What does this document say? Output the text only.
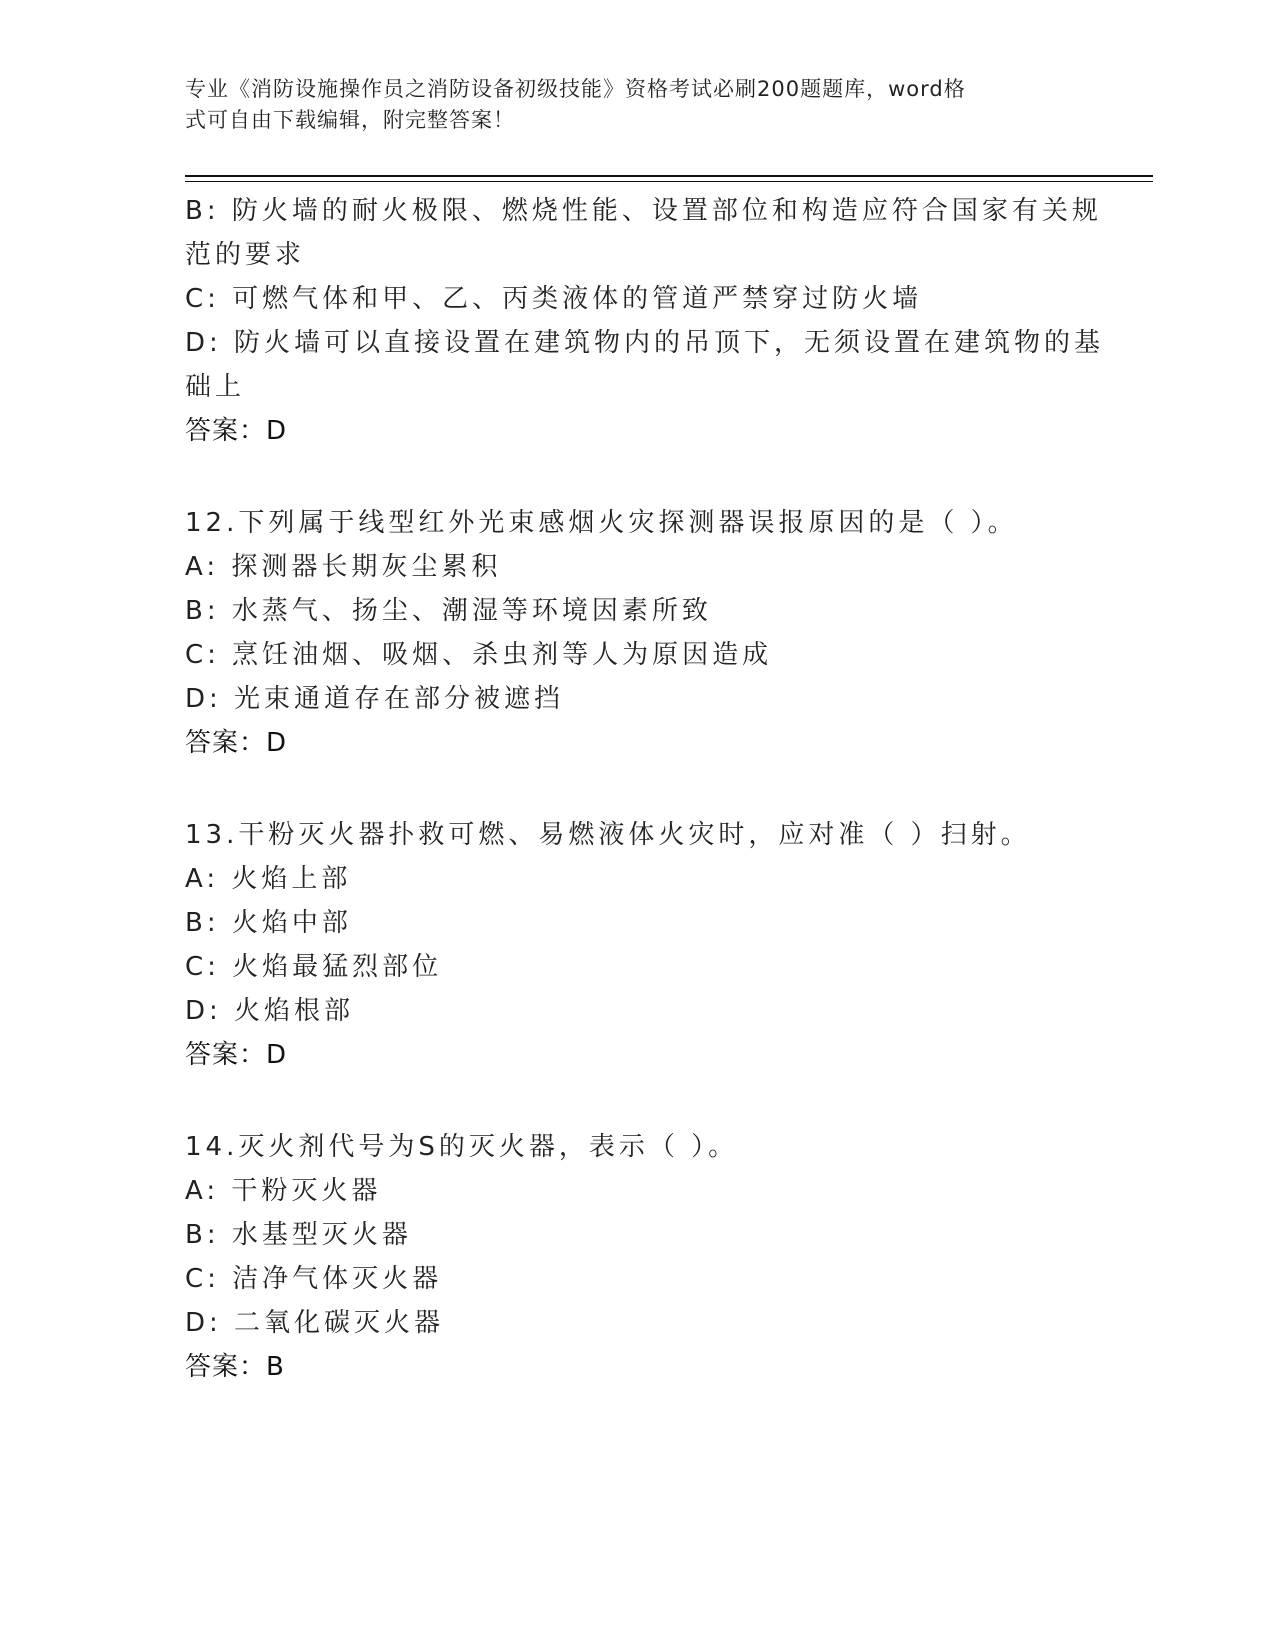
专业《消防设施操作员之消防设备初级技能》资格考试必刷200题题库，word格
式可自由下载编辑，附完整答案！
B: 防火墙的耐火极限、燃烧性能、设置部位和构造应符合国家有关规
范的要求
C: 可燃气体和甲、乙、丙类液体的管道严禁穿过防火墙
D: 防火墙可以直接设置在建筑物内的吊顶下，无须设置在建筑物的基
础上
答案：D
12.下列属于线型红外光束感烟火灾探测器误报原因的是（ ）。
A: 探测器长期灰尘累积
B: 水蒸气、扬尘、潮湿等环境因素所致
C: 烹饪油烟、吸烟、杀虫剂等人为原因造成
D: 光束通道存在部分被遮挡
答案：D
13.干粉灭火器扑救可燃、易燃液体火灾时，应对准（ ）扫射。
A: 火焰上部
B: 火焰中部
C: 火焰最猛烈部位
D: 火焰根部
答案：D
14.灭火剂代号为S的灭火器，表示（ ）。
A: 干粉灭火器
B: 水基型灭火器
C: 洁净气体灭火器
D: 二氧化碳灭火器
答案：B
